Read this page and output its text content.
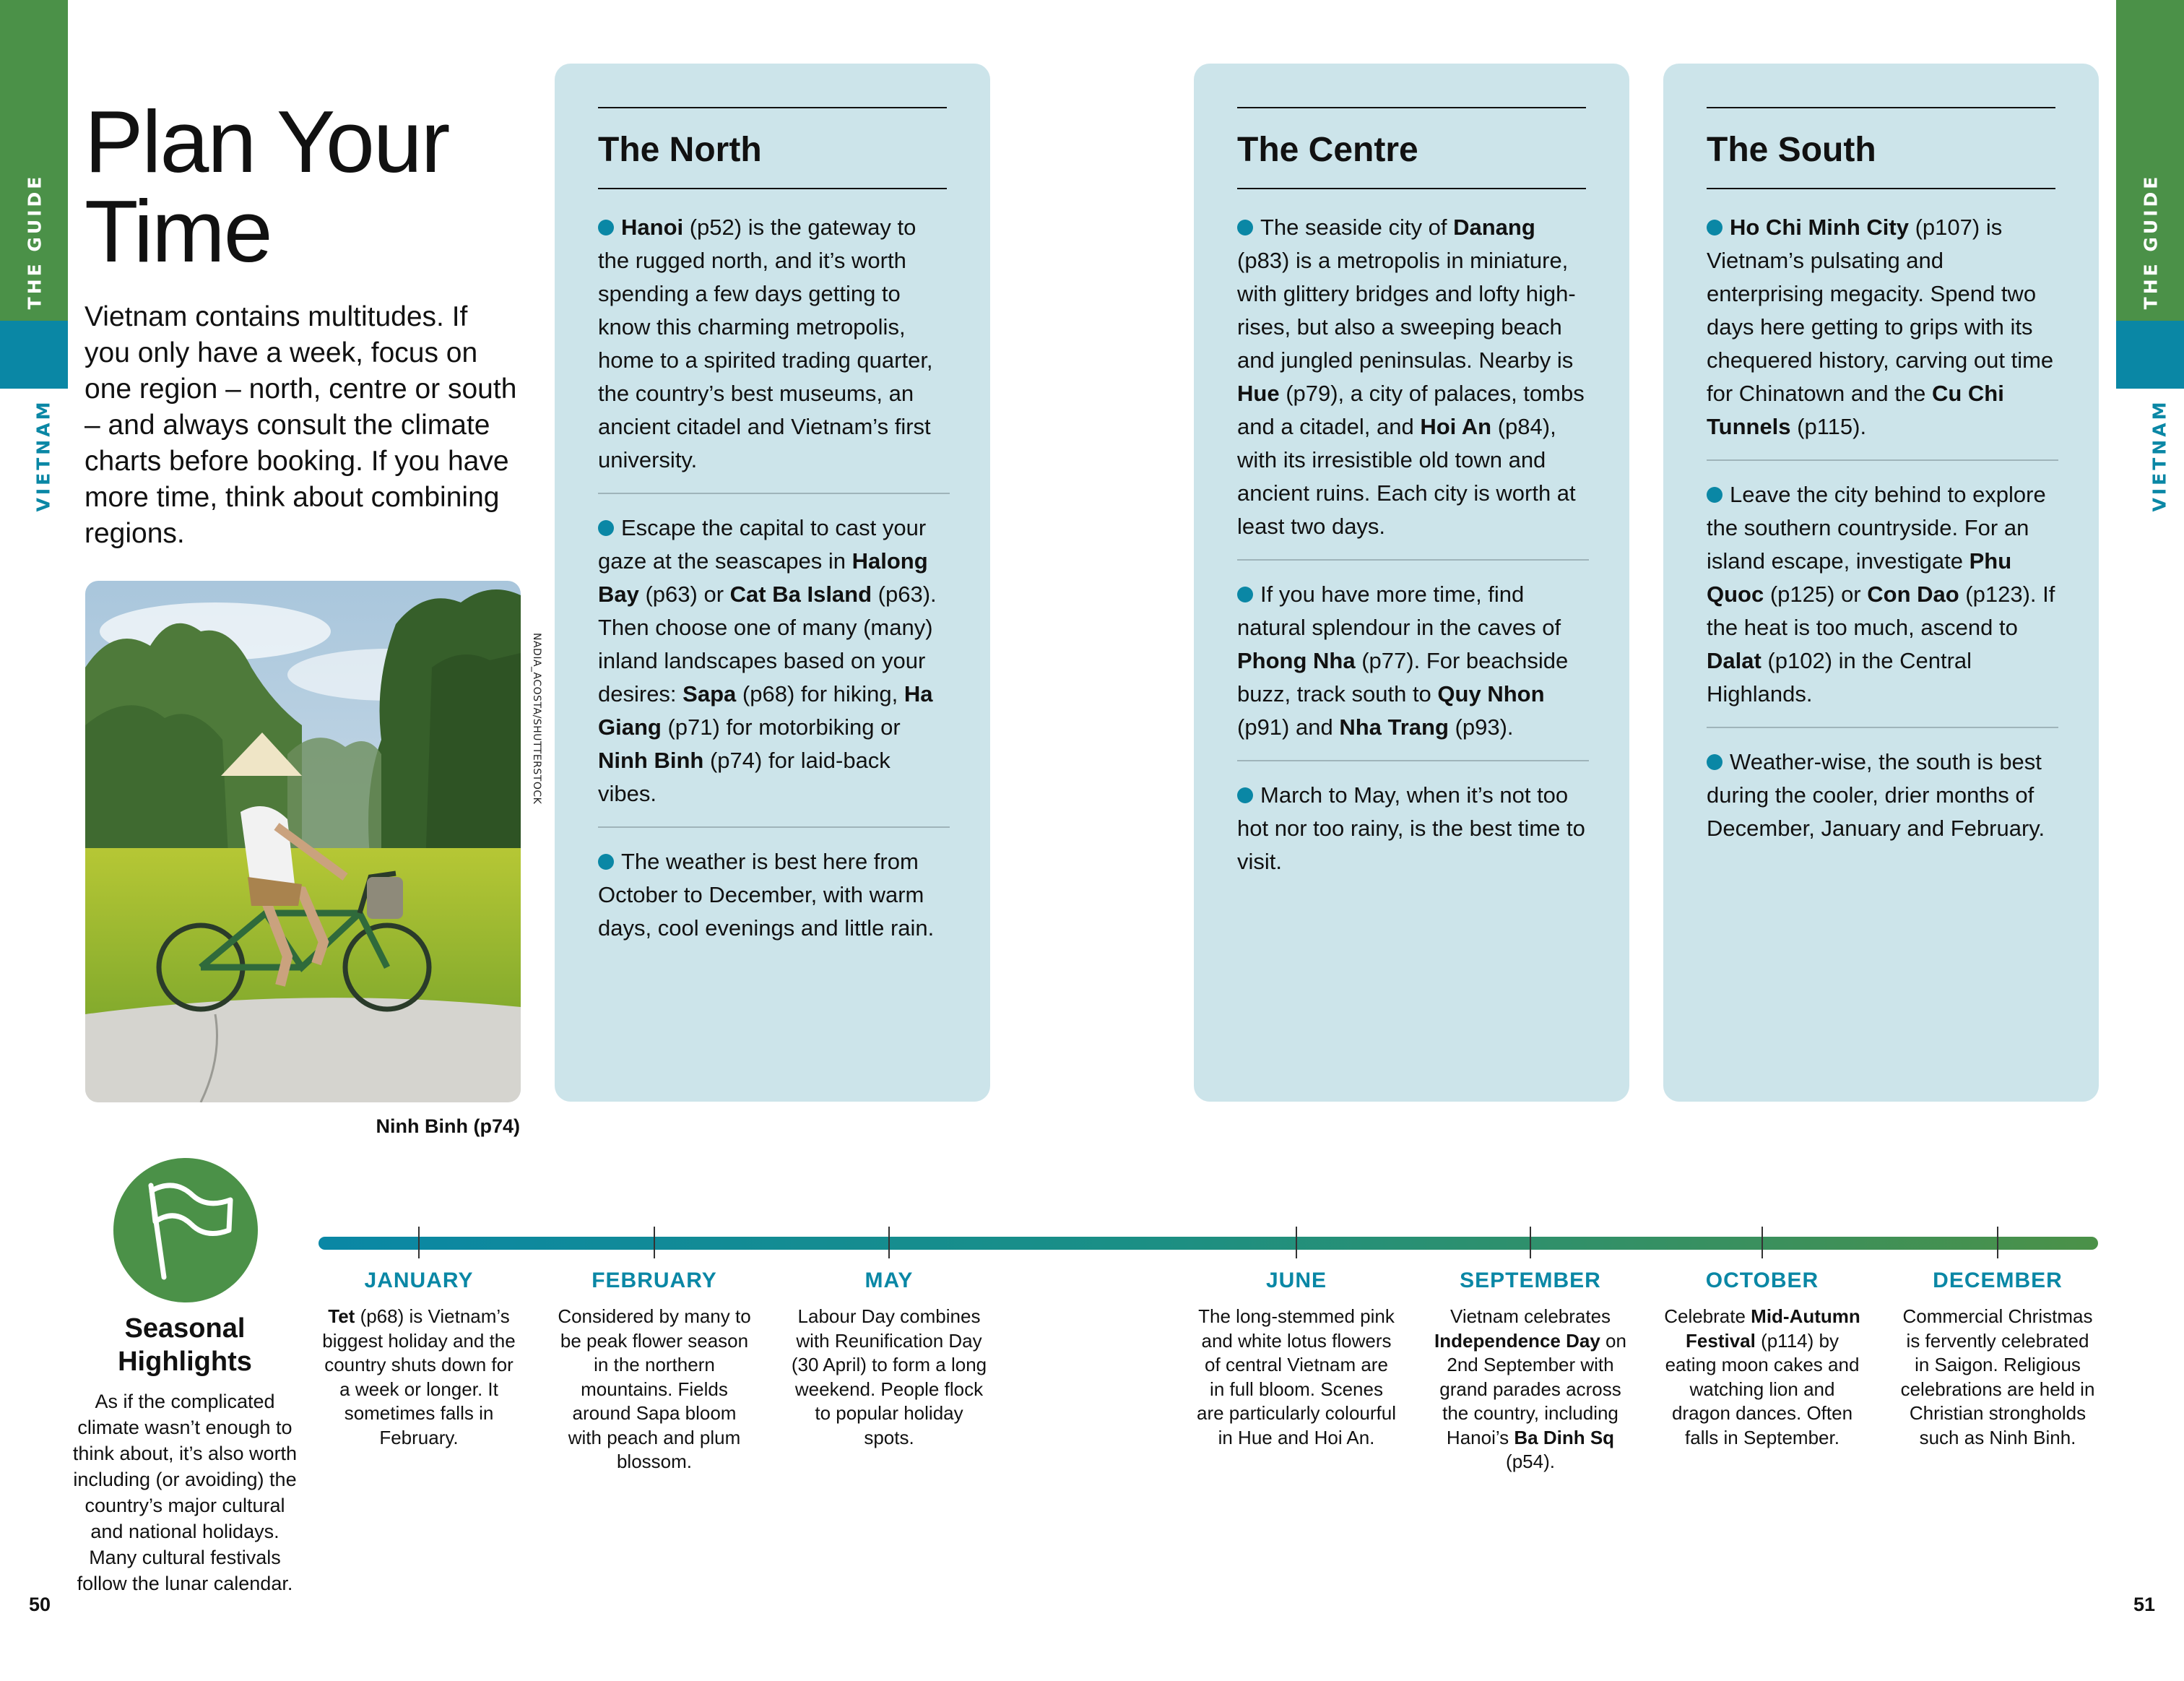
THE GUIDE
VIETNAM
THE GUIDE
VIETNAM
Plan Your
Time
Vietnam contains multitudes. If you only have a week, focus on one region – north, centre or south – and always consult the climate charts before booking. If you have more time, think about combining regions.
NADIA_ACOSTA/SHUTTERSTOCK
Ninh Binh (p74)
The North
Hanoi (p52) is the gateway to the rugged north, and it’s worth spending a few days getting to know this charming metropolis, home to a spirited trading quarter, the country’s best museums, an ancient citadel and Vietnam’s first university.
Escape the capital to cast your gaze at the seascapes in Halong Bay (p63) or Cat Ba Island (p63). Then choose one of many (many) inland landscapes based on your desires: Sapa (p68) for hiking, Ha Giang (p71) for motorbiking or Ninh Binh (p74) for laid-back vibes.
The weather is best here from October to December, with warm days, cool evenings and little rain.
The Centre
The seaside city of Danang (p83) is a metropolis in miniature, with glittery bridges and lofty high-rises, but also a sweeping beach and jungled peninsulas. Nearby is Hue (p79), a city of palaces, tombs and a citadel, and Hoi An (p84), with its irresistible old town and ancient ruins. Each city is worth at least two days.
If you have more time, find natural splendour in the caves of Phong Nha (p77). For beachside buzz, track south to Quy Nhon (p91) and Nha Trang (p93).
March to May, when it’s not too hot nor too rainy, is the best time to visit.
The South
Ho Chi Minh City (p107) is Vietnam’s pulsating and enterprising megacity. Spend two days here getting to grips with its chequered history, carving out time for Chinatown and the Cu Chi Tunnels (p115).
Leave the city behind to explore the southern countryside. For an island escape, investigate Phu Quoc (p125) or Con Dao (p123). If the heat is too much, ascend to Dalat (p102) in the Central Highlands.
Weather-wise, the south is best during the cooler, drier months of December, January and February.
Seasonal Highlights
As if the complicated climate wasn’t enough to think about, it’s also worth including (or avoiding) the country’s major cultural and national holidays. Many cultural festivals follow the lunar calendar.
JANUARY
Tet (p68) is Vietnam’s biggest holiday and the country shuts down for a week or longer. It sometimes falls in February.
FEBRUARY
Considered by many to be peak flower season in the northern mountains. Fields around Sapa bloom with peach and plum blossom.
MAY
Labour Day combines with Reunification Day (30 April) to form a long weekend. People flock to popular holiday spots.
JUNE
The long-stemmed pink and white lotus flowers of central Vietnam are in full bloom. Scenes are particularly colourful in Hue and Hoi An.
SEPTEMBER
Vietnam celebrates Independence Day on 2nd September with grand parades across the country, including Hanoi’s Ba Dinh Sq (p54).
OCTOBER
Celebrate Mid-Autumn Festival (p114) by eating moon cakes and watching lion and dragon dances. Often falls in September.
DECEMBER
Commercial Christmas is fervently celebrated in Saigon. Religious celebrations are held in Christian strongholds such as Ninh Binh.
50	51
